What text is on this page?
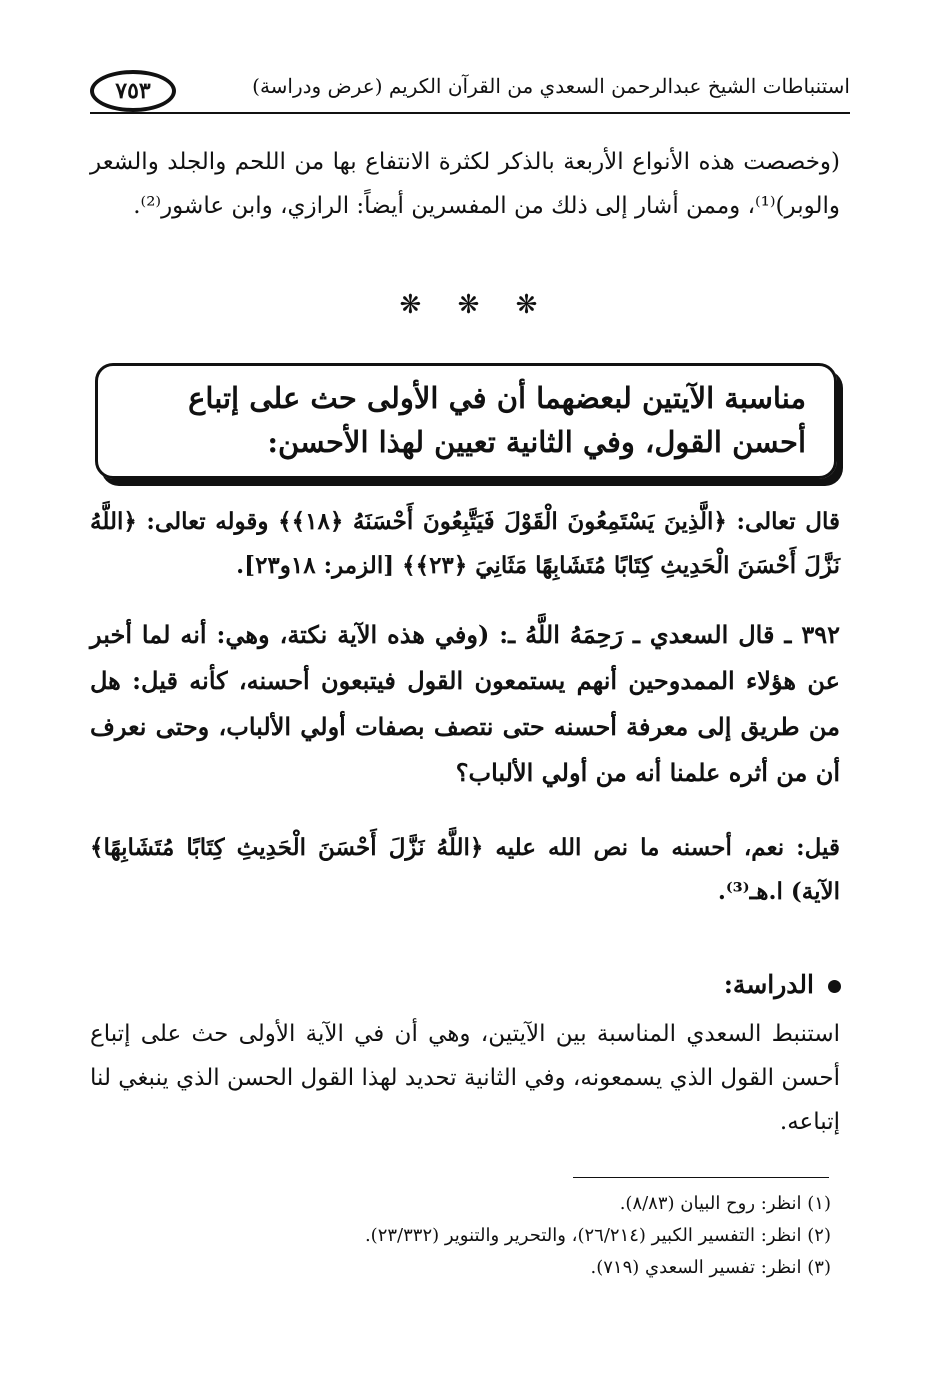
٧٥٣	استنباطات الشيخ عبدالرحمن السعدي من القرآن الكريم (عرض ودراسة)

(وخصصت هذه الأنواع الأربعة بالذكر لكثرة الانتفاع بها من اللحم والجلد والشعر والوبر)⁽¹⁾، وممن أشار إلى ذلك من المفسرين أيضاً: الرازي، وابن عاشور⁽²⁾.

❋ ❋ ❋

مناسبة الآيتين لبعضهما أن في الأولى حث على إتباع أحسن القول، وفي الثانية تعيين لهذا الأحسن:

قال تعالى: ﴿الَّذِينَ يَسْتَمِعُونَ الْقَوْلَ فَيَتَّبِعُونَ أَحْسَنَهُ ﴿١٨﴾﴾ وقوله تعالى: ﴿اللَّهُ نَزَّلَ أَحْسَنَ الْحَدِيثِ كِتَابًا مُتَشَابِهًا مَثَانِيَ ﴿٢٣﴾﴾ [الزمر: ١٨و٢٣].

٣٩٢ ـ قال السعدي ـ رَحِمَهُ اللَّهُ ـ: (وفي هذه الآية نكتة، وهي: أنه لما أخبر عن هؤلاء الممدوحين أنهم يستمعون القول فيتبعون أحسنه، كأنه قيل: هل من طريق إلى معرفة أحسنه حتى نتصف بصفات أولي الألباب، وحتى نعرف أن من أثره علمنا أنه من أولي الألباب؟

قيل: نعم، أحسنه ما نص الله عليه ﴿اللَّهُ نَزَّلَ أَحْسَنَ الْحَدِيثِ كِتَابًا مُتَشَابِهًا﴾ الآية) ا.هـ⁽³⁾.

الدراسة:

استنبط السعدي المناسبة بين الآيتين، وهي أن في الآية الأولى حث على إتباع أحسن القول الذي يسمعونه، وفي الثانية تحديد لهذا القول الحسن الذي ينبغي لنا إتباعه.

(١) انظر: روح البيان (٨/٨٣).
(٢) انظر: التفسير الكبير (٢٦/٢١٤)، والتحرير والتنوير (٢٣/٣٣٢).
(٣) انظر: تفسير السعدي (٧١٩).
